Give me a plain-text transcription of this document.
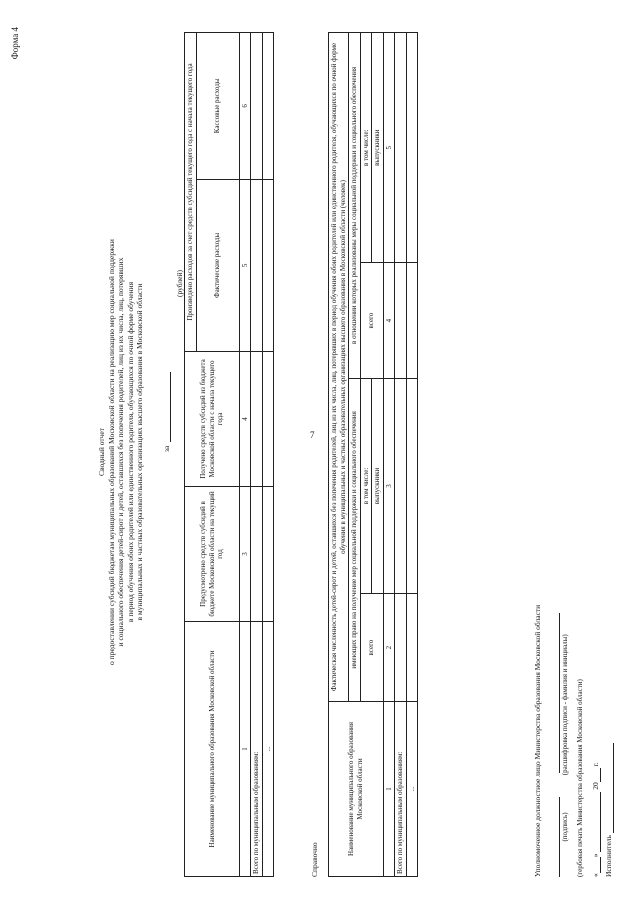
7
Форма 4
Сводный отчет о предоставлении субсидий бюджетам муниципальных образований Московской области на реализацию мер социальной поддержки и социального обеспечения детей-сирот и детей, оставшихся без попечения родителей, лиц из их числа, лиц, потерявших в период обучения обоих родителей или единственного родителя, обучающихся по очной форме обучения в муниципальных и частных образовательных организациях высшего образования в Московской области за
(рублей)
Наименование муниципального образования Московской области	Предусмотрено средств субсидий в бюджете Московской области на текущий год	Получено средств субсидий из бюджета Московской области с начала текущего года	Произведено расходов за счет средств субсидий текущего года с начала текущего года	
			Фактические расходы	Кассовые расходы
1	3	4	5	6
Всего по муниципальным образованиям:				
...				
Справочно
Наименование муниципального образования Московской области	Фактическая численность детей-сирот и детей, оставшихся без попечения родителей, лиц из их числа, лиц, потерявших в период обучения обоих родителей или единственного родителя, обучающихся по очной форме обучения в муниципальных и частных образовательных организациях высшего образования в Московской области (человек)			
	имеющих право на получение мер социальной поддержки и социального обеспечения		в отношении которых реализованы меры социальной поддержки и социального обеспечения	
	всего	в том числе:	всего	в том числе:
		выпускники		выпускники
1	2	3	4	5
Всего по муниципальным образованиям:				
...					Уполномоченное должностное лицо Министерства образования Московской области
	(подпись) (расшифровка подписи - фамилия и инициалы) (гербовая печать Министерства образования Московской области) «»  20 г.
Исполнитель
